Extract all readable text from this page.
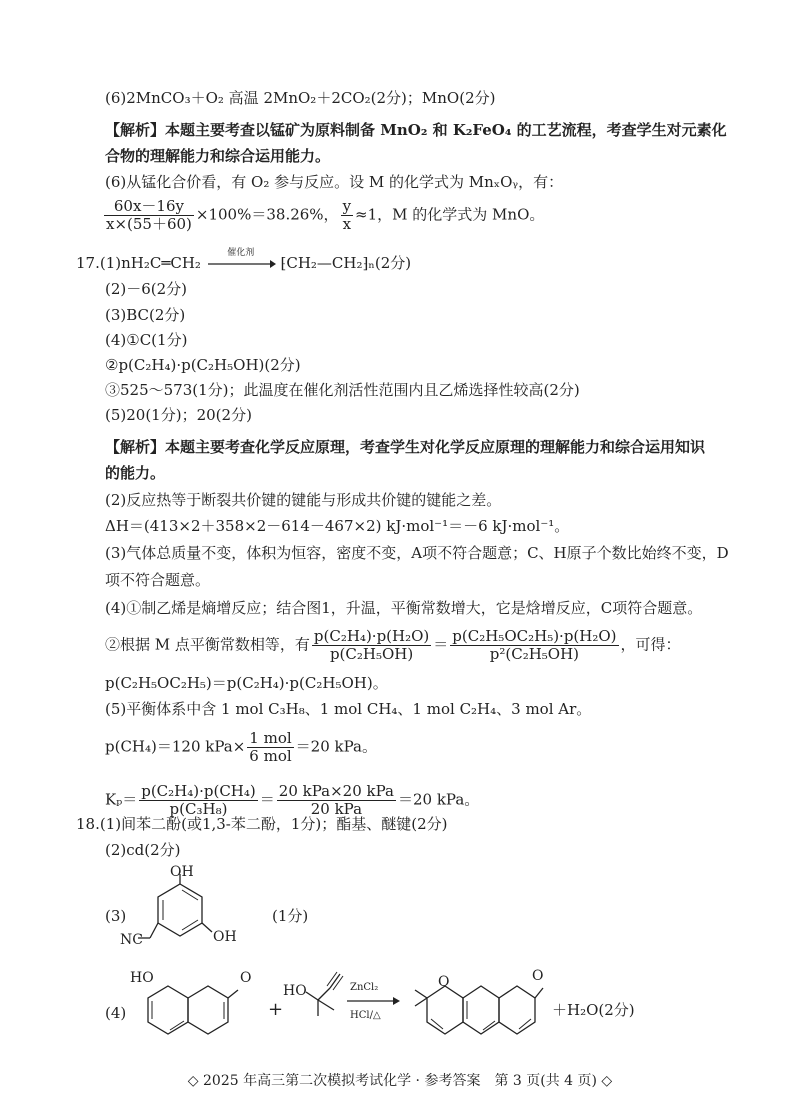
(6)2MnCO₃＋O₂ 高温 2MnO₂＋2CO₂(2分)；MnO(2分)
【解析】本题主要考查以锰矿为原料制备 MnO₂ 和 K₂FeO₄ 的工艺流程，考查学生对元素化
合物的理解能力和综合运用能力。
(6)从锰化合价看，有 O₂ 参与反应。设 M 的化学式为 MnₓOᵧ，有：
$\frac{60x-16y}{x\times(55+60)} \times 100\%=38.26\%$， $\frac{y}{x} \approx 1$，M 的化学式为 MnO。
17.(1)nH₂C═CH₂
催化剂
⁅CH₂—CH₂⁆ₙ(2分)
(2)－6(2分)
(3)BC(2分)
(4)①C(1分)
②p(C₂H₄)·p(C₂H₅OH)(2分)
③525～573(1分)；此温度在催化剂活性范围内且乙烯选择性较高(2分)
(5)20(1分)；20(2分)
【解析】本题主要考查化学反应原理，考查学生对化学反应原理的理解能力和综合运用知识
的能力。
(2)反应热等于断裂共价键的键能与形成共价键的键能之差。
ΔH＝(413×2＋358×2－614－467×2) kJ·mol⁻¹＝－6 kJ·mol⁻¹。
(3)气体总质量不变，体积为恒容，密度不变，A项不符合题意；C、H原子个数比始终不变，D
项不符合题意。
(4)①制乙烯是熵增反应；结合图1，升温，平衡常数增大，它是焓增反应，C项符合题意。
②根据 M 点平衡常数相等，有 $\frac{\text{p(C₂H₄)·p(H₂O)}}{\text{p(C₂H₅OH)}} = \frac{\text{p(C₂H₅OC₂H₅)·p(H₂O)}}{\text{p²(C₂H₅OH)}}$ ，可得：
p(C₂H₅OC₂H₅)＝p(C₂H₄)·p(C₂H₅OH)。
(5)平衡体系中含 1 mol C₃H₈、1 mol CH₄、1 mol C₂H₄、3 mol Ar。
p(CH₄)＝120 $kPa\times \frac{\text{1 mol}}{\text{6 mol}} =20$ kPa。
$K_p= \frac{\text{p(C₂H₄)·p(CH₄)}}{\text{p(C₃H₈)}} = \frac{\text{20 kPa×20 kPa}}{\text{20 kPa}} =20$ kPa。
18.(1)间苯二酚(或1,3-苯二酚，1分)；酯基、醚键(2分)
(2)cd(2分)
(3)
OH
OH
NC
(1分)
(4)
HO	O
+
HO	ZnCl₂
HCl/△
O	O
＋H₂O(2分)
◇ 2025 年高三第二次模拟考试化学 · 参考答案　第 3 页(共 4 页) ◇
